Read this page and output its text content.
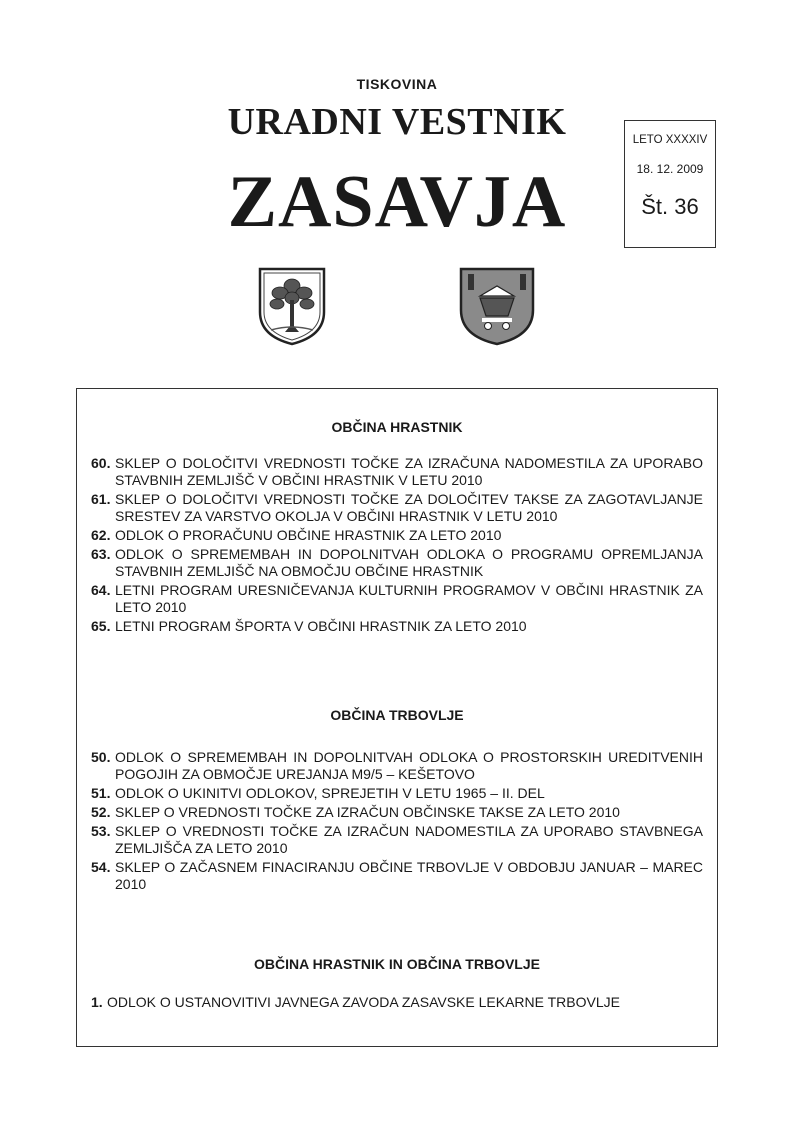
TISKOVINA
URADNI VESTNIK
ZASAVJA
LETO XXXXIV
18. 12. 2009
Št. 36
OBČINA HRASTNIK
60. SKLEP O DOLOČITVI VREDNOSTI TOČKE ZA IZRAČUNA NADOMESTILA ZA UPORABO STAVBNIH ZEMLJIŠČ V OBČINI HRASTNIK V LETU 2010
61. SKLEP O DOLOČITVI VREDNOSTI TOČKE ZA DOLOČITEV TAKSE ZA ZAGOTAVLJANJE SRESTEV ZA VARSTVO OKOLJA V OBČINI HRASTNIK V LETU 2010
62. ODLOK O PRORAČUNU OBČINE HRASTNIK ZA LETO 2010
63. ODLOK O SPREMEMBAH IN DOPOLNITVAH ODLOKA O PROGRAMU OPREMLJANJA STAVBNIH ZEMLJIŠČ NA OBMOČJU OBČINE HRASTNIK
64. LETNI PROGRAM URESNIČEVANJA KULTURNIH PROGRAMOV V OBČINI HRASTNIK ZA LETO 2010
65. LETNI PROGRAM ŠPORTA V OBČINI HRASTNIK ZA LETO 2010
OBČINA TRBOVLJE
50. ODLOK O SPREMEMBAH IN DOPOLNITVAH ODLOKA O PROSTORSKIH UREDITVENIH POGOJIH ZA OBMOČJE UREJANJA M9/5 – KEŠETOVO
51. ODLOK O UKINITVI ODLOKOV, SPREJETIH V LETU 1965 – II. DEL
52. SKLEP O VREDNOSTI TOČKE ZA IZRAČUN OBČINSKE TAKSE ZA LETO 2010
53. SKLEP O VREDNOSTI TOČKE ZA IZRAČUN NADOMESTILA ZA UPORABO STAVBNEGA ZEMLJIŠČA ZA LETO 2010
54. SKLEP O ZAČASNEM FINACIRANJU OBČINE TRBOVLJE V OBDOBJU JANUAR – MAREC 2010
OBČINA HRASTNIK IN OBČINA TRBOVLJE
1. ODLOK O USTANOVITIVI JAVNEGA ZAVODA ZASAVSKE LEKARNE TRBOVLJE
